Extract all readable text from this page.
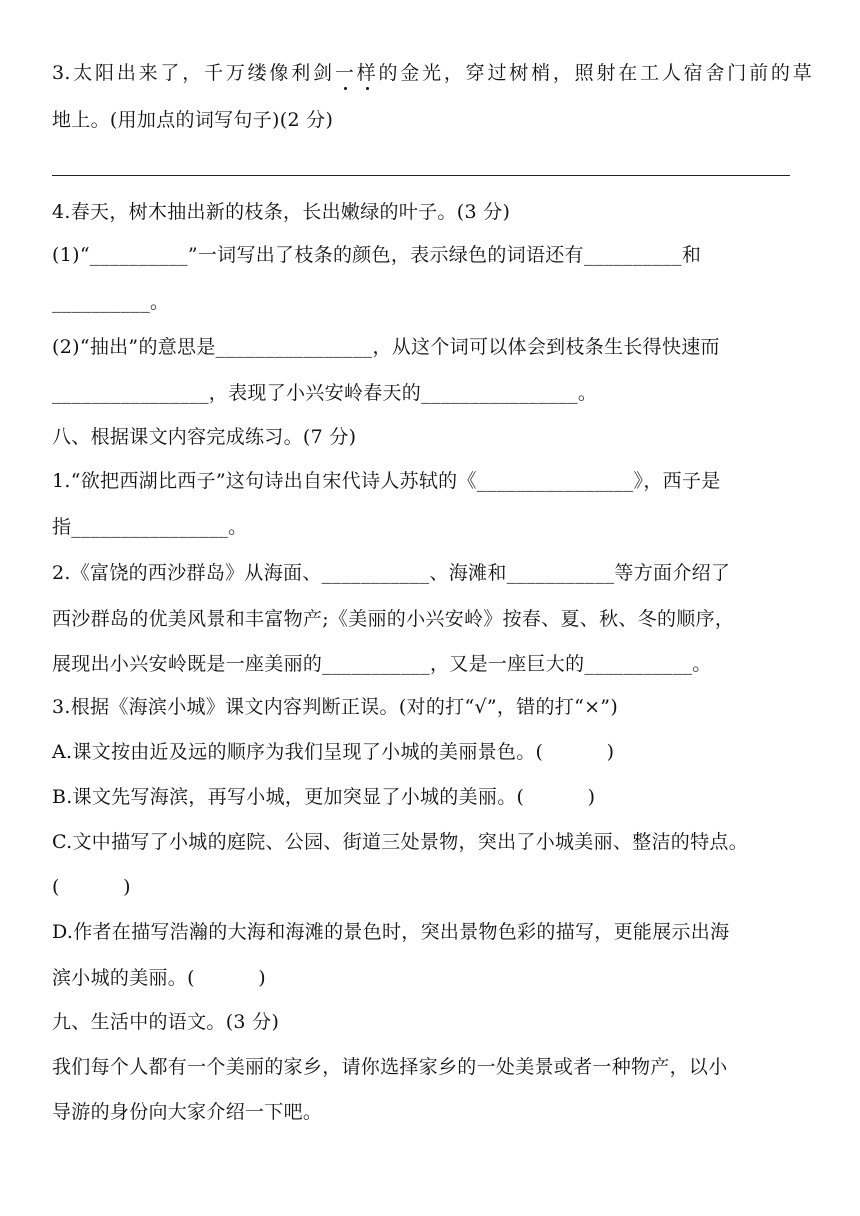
3.太阳出来了，千万缕像利剑一样的金光，穿过树梢，照射在工人宿舍门前的草
地上。(用加点的词写句子)(2 分)
4.春天，树木抽出新的枝条，长出嫩绿的叶子。(3 分)
(1)“__________”一词写出了枝条的颜色，表示绿色的词语还有__________和
__________。
(2)“抽出”的意思是________________，从这个词可以体会到枝条生长得快速而
________________，表现了小兴安岭春天的________________。
八、根据课文内容完成练习。(7 分)
1.“欲把西湖比西子”这句诗出自宋代诗人苏轼的《________________》，西子是
指________________。
2.《富饶的西沙群岛》从海面、___________、海滩和___________等方面介绍了
西沙群岛的优美风景和丰富物产;《美丽的小兴安岭》按春、夏、秋、冬的顺序，
展现出小兴安岭既是一座美丽的___________，又是一座巨大的___________。
3.根据《海滨小城》课文内容判断正误。(对的打“√”，错的打“×”)
A.课文按由近及远的顺序为我们呈现了小城的美丽景色。(          )
B.课文先写海滨，再写小城，更加突显了小城的美丽。(          )
C.文中描写了小城的庭院、公园、街道三处景物，突出了小城美丽、整洁的特点。
(          )
D.作者在描写浩瀚的大海和海滩的景色时，突出景物色彩的描写，更能展示出海
滨小城的美丽。(          )
九、生活中的语文。(3 分)
我们每个人都有一个美丽的家乡，请你选择家乡的一处美景或者一种物产，以小
导游的身份向大家介绍一下吧。
